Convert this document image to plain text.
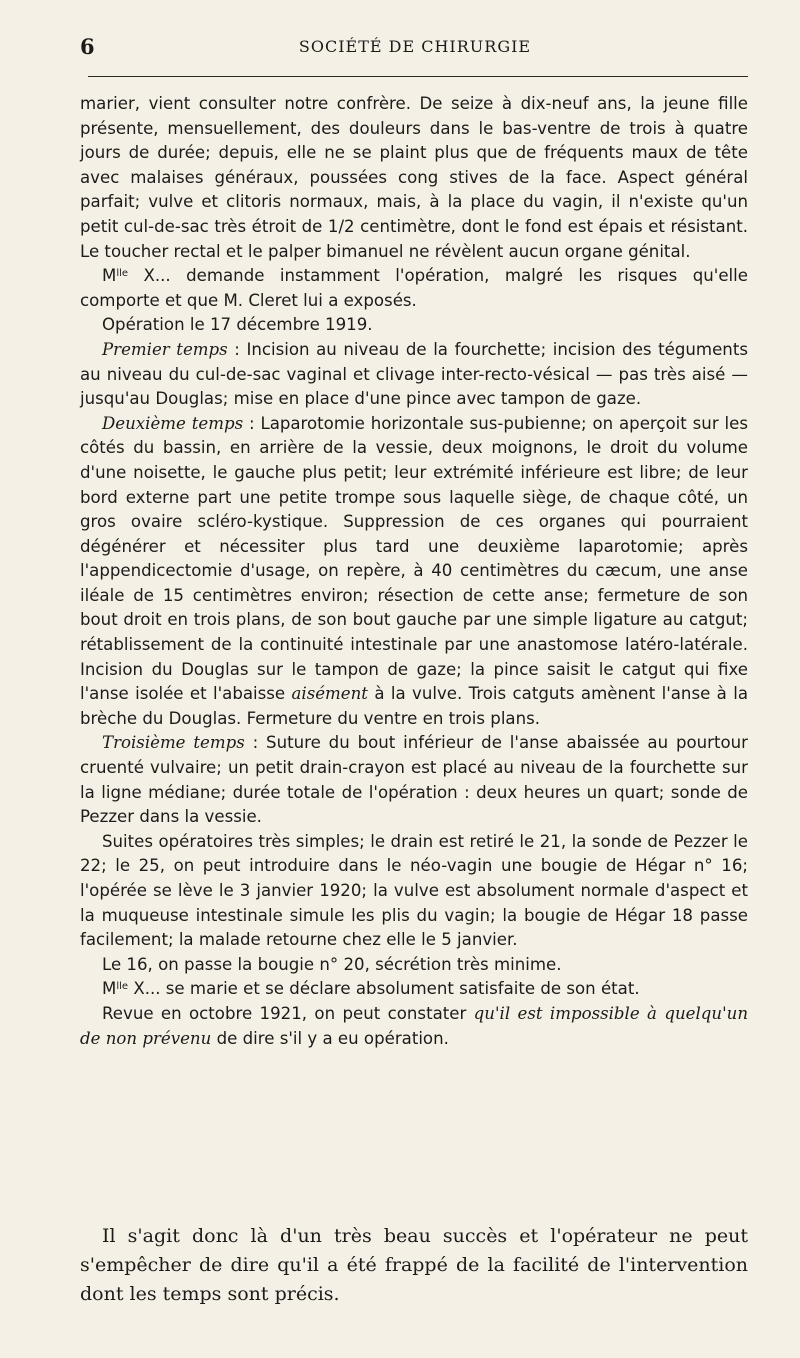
6	SOCIÉTÉ DE CHIRURGIE

marier, vient consulter notre confrère. De seize à dix-neuf ans, la jeune fille présente, mensuellement, des douleurs dans le bas-ventre de trois à quatre jours de durée; depuis, elle ne se plaint plus que de fréquents maux de tête avec malaises généraux, poussées cong stives de la face. Aspect général parfait; vulve et clitoris normaux, mais, à la place du vagin, il n'existe qu'un petit cul-de-sac très étroit de 1/2 centimètre, dont le fond est épais et résistant. Le toucher rectal et le palper bimanuel ne révèlent aucun organe génital.

$M^{lle}$ X... demande instamment l'opération, malgré les risques qu'elle comporte et que M. Cleret lui a exposés.

Opération le 17 décembre 1919.

Premier temps : Incision au niveau de la fourchette; incision des téguments au niveau du cul-de-sac vaginal et clivage inter-recto-vésical — pas très aisé — jusqu'au Douglas; mise en place d'une pince avec tampon de gaze.

Deuxième temps : Laparotomie horizontale sus-pubienne; on aperçoit sur les côtés du bassin, en arrière de la vessie, deux moignons, le droit du volume d'une noisette, le gauche plus petit; leur extrémité inférieure est libre; de leur bord externe part une petite trompe sous laquelle siège, de chaque côté, un gros ovaire scléro-kystique. Suppression de ces organes qui pourraient dégénérer et nécessiter plus tard une deuxième laparotomie; après l'appendicectomie d'usage, on repère, à 40 centimètres du cæcum, une anse iléale de 15 centimètres environ; résection de cette anse; fermeture de son bout droit en trois plans, de son bout gauche par une simple ligature au catgut; rétablissement de la continuité intestinale par une anastomose latéro-latérale. Incision du Douglas sur le tampon de gaze; la pince saisit le catgut qui fixe l'anse isolée et l'abaisse aisément à la vulve. Trois catguts amènent l'anse à la brèche du Douglas. Fermeture du ventre en trois plans.

Troisième temps : Suture du bout inférieur de l'anse abaissée au pourtour cruenté vulvaire; un petit drain-crayon est placé au niveau de la fourchette sur la ligne médiane; durée totale de l'opération : deux heures un quart; sonde de Pezzer dans la vessie.

Suites opératoires très simples; le drain est retiré le 21, la sonde de Pezzer le 22; le 25, on peut introduire dans le néo-vagin une bougie de Hégar n° 16; l'opérée se lève le 3 janvier 1920; la vulve est absolument normale d'aspect et la muqueuse intestinale simule les plis du vagin; la bougie de Hégar 18 passe facilement; la malade retourne chez elle le 5 janvier.

Le 16, on passe la bougie n° 20, sécrétion très minime.

$M^{lle}$ X... se marie et se déclare absolument satisfaite de son état.

Revue en octobre 1921, on peut constater qu'il est impossible à quelqu'un de non prévenu de dire s'il y a eu opération.

Il s'agit donc là d'un très beau succès et l'opérateur ne peut s'empêcher de dire qu'il a été frappé de la facilité de l'intervention dont les temps sont précis.
